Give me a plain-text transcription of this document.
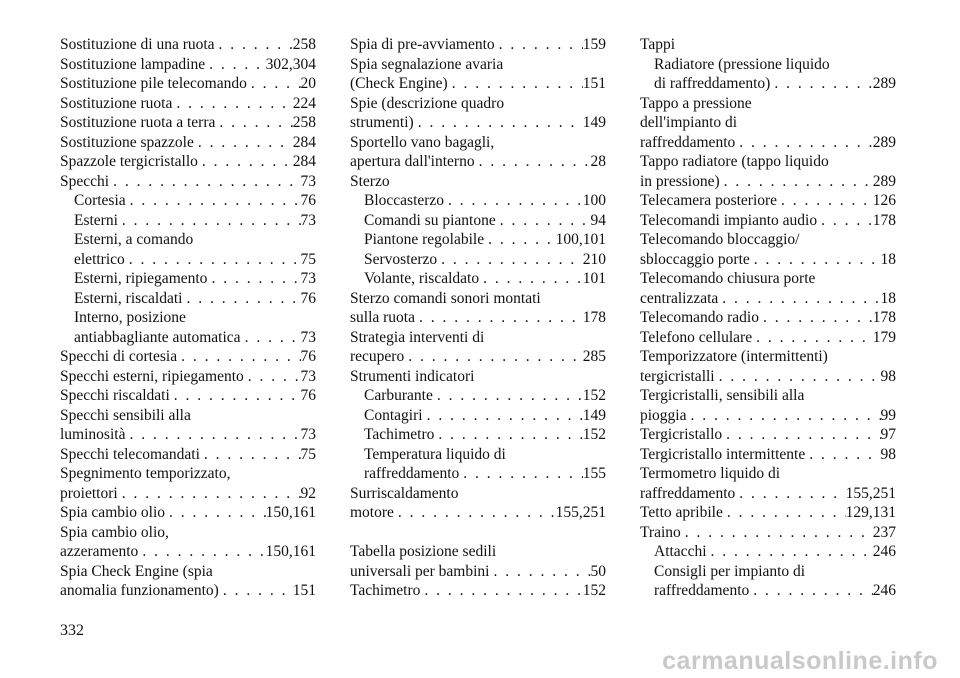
Sostituzione di una ruota . . .	258
Sostituzione lampadine . . .	302,304
Sostituzione pile telecomando . . .	20
Sostituzione ruota . . .	224
Sostituzione ruota a terra . . .	258
Sostituzione spazzole . . .	284
Spazzole tergicristallo . . .	284
Specchi . . .	73
Cortesia . . .	76
Esterni . . .	73
Esterni, a comando
elettrico . . .	75
Esterni, ripiegamento . . .	73
Esterni, riscaldati . . .	76
Interno, posizione
antiabbagliante automatica . . .	73
Specchi di cortesia . . .	76
Specchi esterni, ripiegamento . . .	73
Specchi riscaldati . . .	76
Specchi sensibili alla
luminosità . . .	73
Specchi telecomandati . . .	75
Spegnimento temporizzato,
proiettori . . .	92
Spia cambio olio . . .	150,161
Spia cambio olio,
azzeramento . . .	150,161
Spia Check Engine (spia
anomalia funzionamento) . . .	151
Spia di pre-avviamento . . .	159
Spia segnalazione avaria
(Check Engine) . . .	151
Spie (descrizione quadro
strumenti) . . .	149
Sportello vano bagagli,
apertura dall'interno . . .	28
Sterzo
Bloccasterzo . . .	100
Comandi su piantone . . .	94
Piantone regolabile . . .	100,101
Servosterzo . . .	210
Volante, riscaldato . . .	101
Sterzo comandi sonori montati
sulla ruota . . .	178
Strategia interventi di
recupero . . .	285
Strumenti indicatori
Carburante . . .	152
Contagiri . . .	149
Tachimetro . . .	152
Temperatura liquido di
raffreddamento . . .	155
Surriscaldamento
motore . . .	155,251
Tabella posizione sedili
universali per bambini . . .	50
Tachimetro . . .	152
Tappi
Radiatore (pressione liquido
di raffreddamento) . . .	289
Tappo a pressione
dell'impianto di
raffreddamento . . .	289
Tappo radiatore (tappo liquido
in pressione) . . .	289
Telecamera posteriore . . .	126
Telecomandi impianto audio . . .	178
Telecomando bloccaggio/
sbloccaggio porte . . .	18
Telecomando chiusura porte
centralizzata . . .	18
Telecomando radio . . .	178
Telefono cellulare . . .	179
Temporizzatore (intermittenti)
tergicristalli . . .	98
Tergicristalli, sensibili alla
pioggia . . .	99
Tergicristallo . . .	97
Tergicristallo intermittente . . .	98
Termometro liquido di
raffreddamento . . .	155,251
Tetto apribile . . .	129,131
Traino . . .	237
Attacchi . . .	246
Consigli per impianto di
raffreddamento . . .	246
332
carmanualsonline.info
